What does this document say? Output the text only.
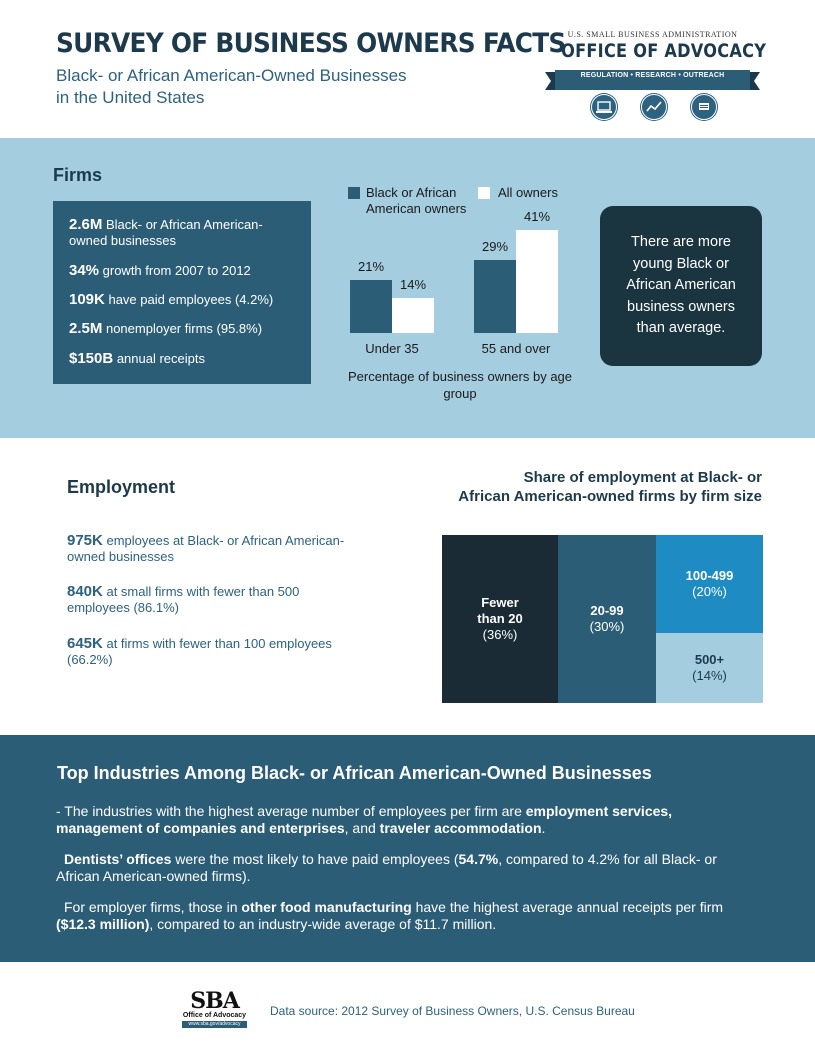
SURVEY OF BUSINESS OWNERS FACTS
Black- or African American-Owned Businesses
in the United States
U.S. SMALL BUSINESS ADMINISTRATION
OFFICE OF ADVOCACY
REGULATION • RESEARCH • OUTREACH
Firms
2.6M Black- or African American-owned businesses
34% growth from 2007 to 2012
109K have paid employees (4.2%)
2.5M nonemployer firms (95.8%)
$150B annual receipts
Black or African American owners
All owners
Under 35	55 and over
Percentage of business owners by age group
21%
14%
29%
41%
There are more young Black or African American business owners than average.
Employment
975K employees at Black- or African American-owned businesses
840K at small firms with fewer than 500 employees (86.1%)
645K at firms with fewer than 100 employees (66.2%)
Share of employment at Black- or
African American-owned firms by firm size
Fewer than 20
(36%)
20-99
(30%)
100-499
(20%)
500+
(14%)
Top Industries Among Black- or African American-Owned Businesses
- The industries with the highest average number of employees per firm are employment services, management of companies and enterprises, and traveler accommodation.
Dentists’ offices were the most likely to have paid employees (54.7%, compared to 4.2% for all Black- or African American-owned firms).
For employer firms, those in other food manufacturing have the highest average annual receipts per firm ($12.3 million), compared to an industry-wide average of $11.7 million.
SBA
Office of Advocacy
www.sba.gov/advocacy
Data source: 2012 Survey of Business Owners, U.S. Census Bureau
